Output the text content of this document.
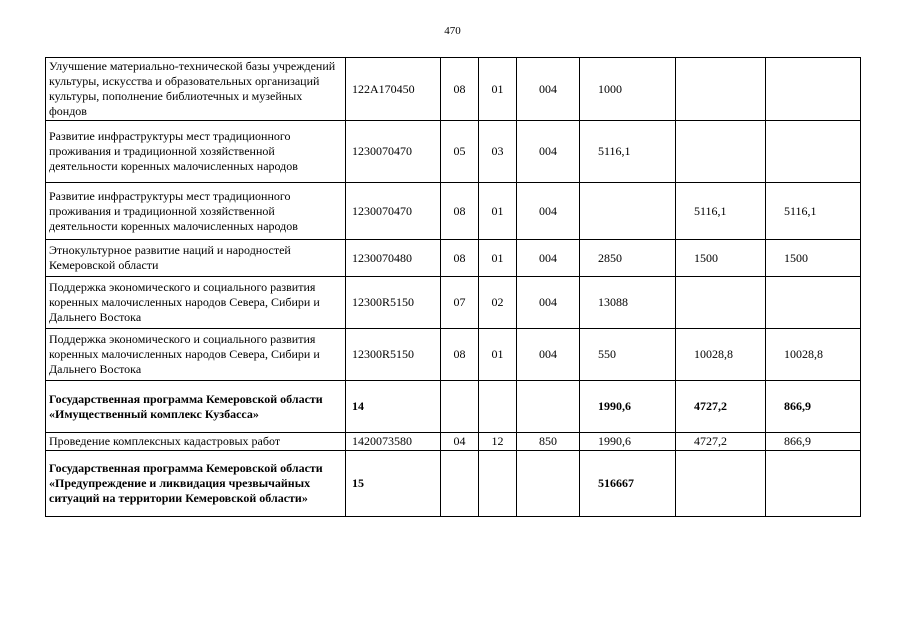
470
Улучшение материально-технической базы учреждений культуры, искусства и образовательных организаций культуры, пополнение библиотечных и музейных фондов	122A170450	08	01	004	1000		
Развитие инфраструктуры мест традиционного проживания и традиционной хозяйственной деятельности коренных малочисленных народов	1230070470	05	03	004	5116,1		
Развитие инфраструктуры мест традиционного проживания и традиционной хозяйственной деятельности коренных малочисленных народов	1230070470	08	01	004		5116,1	5116,1
Этнокультурное развитие наций и народностей Кемеровской области	1230070480	08	01	004	2850	1500	1500
Поддержка экономического и социального развития коренных малочисленных народов Севера, Сибири и Дальнего Востока	12300R5150	07	02	004	13088		
Поддержка экономического и социального развития коренных малочисленных народов Севера, Сибири и Дальнего Востока	12300R5150	08	01	004	550	10028,8	10028,8
Государственная программа Кемеровской области «Имущественный комплекс Кузбасса»	14				1990,6	4727,2	866,9
Проведение комплексных кадастровых работ	1420073580	04	12	850	1990,6	4727,2	866,9
Государственная программа Кемеровской области «Предупреждение и ликвидация чрезвычайных ситуаций на территории Кемеровской области»	15				516667		
